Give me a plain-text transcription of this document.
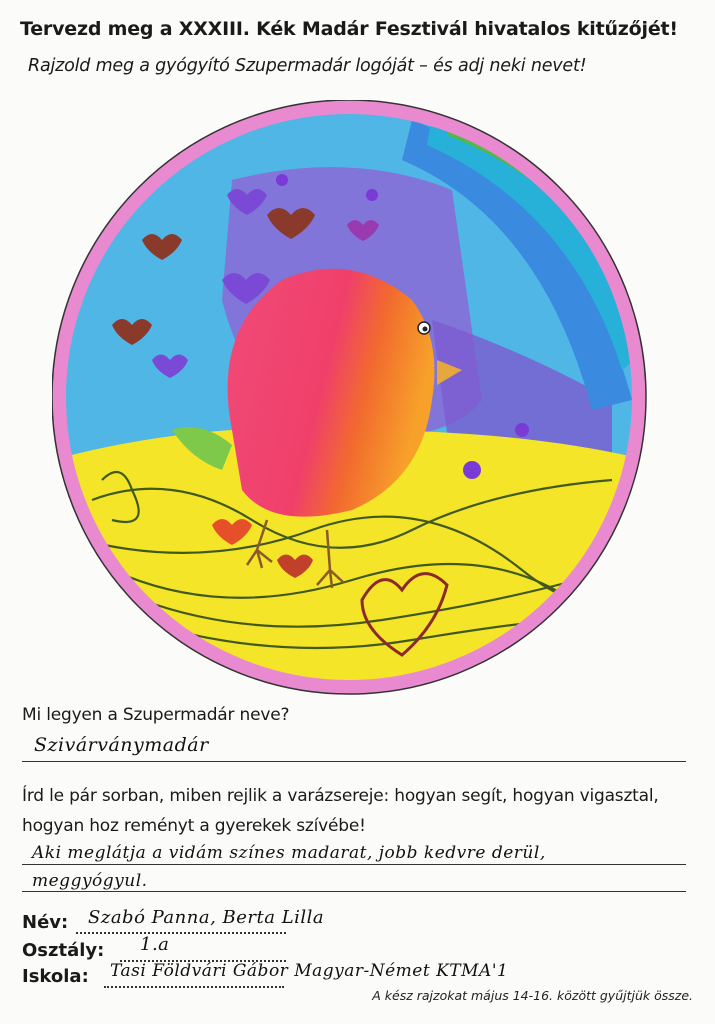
Tervezd meg a XXXIII. Kék Madár Fesztivál hivatalos kitűzőjét!
Rajzold meg a gyógyító Szupermadár logóját – és adj neki nevet!
Mi legyen a Szupermadár neve?
Szivárványmadár
Írd le pár sorban, miben rejlik a varázsereje: hogyan segít, hogyan vigasztal, hogyan hoz reményt a gyerekek szívébe!
Aki meglátja a vidám színes madarat, jobb kedvre derül,
meggyógyul.
Név: Szabó Panna, Berta Lilla
Osztály: 1.a
Iskola: Tasi Földvári Gábor Magyar-Német KTMA'1
A kész rajzokat május 14-16. között gyűjtjük össze.
